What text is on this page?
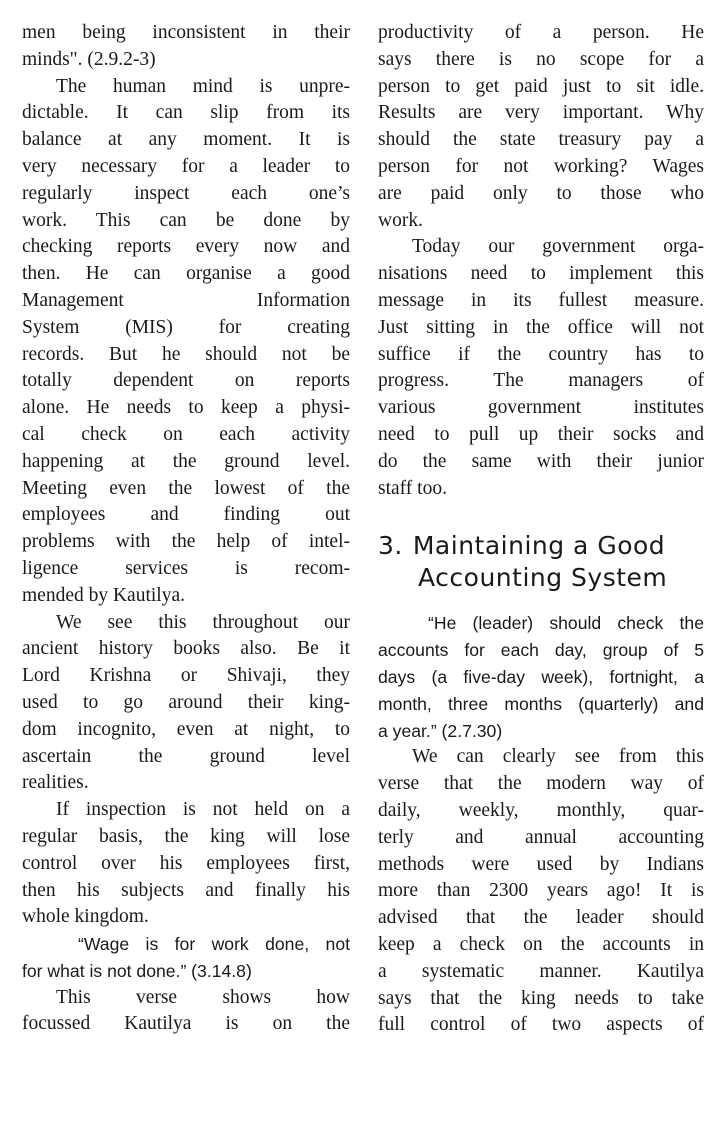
men being inconsistent in their
minds". (2.9.2-3)
The human mind is unpre-
dictable. It can slip from its
balance at any moment. It is
very necessary for a leader to
regularly inspect each one’s
work. This can be done by
checking reports every now and
then. He can organise a good
Management Information
System (MIS) for creating
records. But he should not be
totally dependent on reports
alone. He needs to keep a physi-
cal check on each activity
happening at the ground level.
Meeting even the lowest of the
employees and finding out
problems with the help of intel-
ligence services is recom-
mended by Kautilya.
We see this throughout our
ancient history books also. Be it
Lord Krishna or Shivaji, they
used to go around their king-
dom incognito, even at night, to
ascertain the ground level
realities.
If inspection is not held on a
regular basis, the king will lose
control over his employees first,
then his subjects and finally his
whole kingdom.
“Wage is for work done, not
for what is not done.” (3.14.8)
This verse shows how
focussed Kautilya is on the
productivity of a person. He
says there is no scope for a
person to get paid just to sit idle.
Results are very important. Why
should the state treasury pay a
person for not working? Wages
are paid only to those who
work.
Today our government orga-
nisations need to implement this
message in its fullest measure.
Just sitting in the office will not
suffice if the country has to
progress. The managers of
various government institutes
need to pull up their socks and
do the same with their junior
staff too.
3. Maintaining a Good
Accounting System
“He (leader) should check the
accounts for each day, group of 5
days (a five-day week), fortnight, a
month, three months (quarterly) and
a year.” (2.7.30)
We can clearly see from this
verse that the modern way of
daily, weekly, monthly, quar-
terly and annual accounting
methods were used by Indians
more than 2300 years ago! It is
advised that the leader should
keep a check on the accounts in
a systematic manner. Kautilya
says that the king needs to take
full control of two aspects of
